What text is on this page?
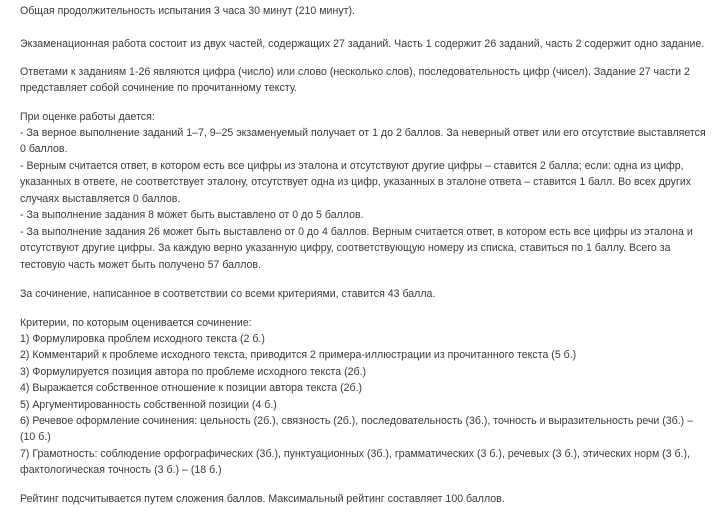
Общая продолжительность испытания 3 часа 30 минут (210 минут).
Экзаменационная работа состоит из двух частей, содержащих 27 заданий. Часть 1 содержит 26 заданий, часть 2 содержит одно задание.
Ответами к заданиям 1-26 являются цифра (число) или слово (несколько слов), последовательность цифр (чисел). Задание 27 части 2
представляет собой сочинение по прочитанному тексту.
При оценке работы дается:
- За верное выполнение заданий 1–7, 9–25 экзаменуемый получает от 1 до 2 баллов. За неверный ответ или его отсутствие выставляется
0 баллов.
- Верным считается ответ, в котором есть все цифры из эталона и отсутствуют другие цифры – ставится 2 балла; если: одна из цифр,
указанных в ответе, не соответствует эталону, отсутствует одна из цифр, указанных в эталоне ответа – ставится 1 балл. Во всех других
случаях выставляется 0 баллов.
- За выполнение задания 8 может быть выставлено от 0 до 5 баллов.
- За выполнение задания 26 может быть выставлено от 0 до 4 баллов. Верным считается ответ, в котором есть все цифры из эталона и
отсутствуют другие цифры. За каждую верно указанную цифру, соответствующую номеру из списка, ставиться по 1 баллу. Всего за
тестовую часть может быть получено 57 баллов.
За сочинение, написанное в соответствии со всеми критериями, ставится 43 балла.
Критерии, по которым оценивается сочинение:
1) Формулировка проблем исходного текста (2 б.)
2) Комментарий к проблеме исходного текста, приводится 2 примера-иллюстрации из прочитанного текста (5 б.)
3) Формулируется позиция автора по проблеме исходного текста (2б.)
4) Выражается собственное отношение к позиции автора текста (2б.)
5) Аргументированность собственной позиции (4 б.)
6) Речевое оформление сочинения: цельность (2б.), связность (2б.), последовательность (3б.), точность и выразительность речи (3б.) –
(10 б.)
7) Грамотность: соблюдение орфографических (3б.), пунктуационных (3б.), грамматических (3 б.), речевых (3 б.), этических норм (3 б.),
фактологическая точность (3 б.) – (18 б.)
Рейтинг подсчитывается путем сложения баллов. Максимальный рейтинг составляет 100 баллов.
